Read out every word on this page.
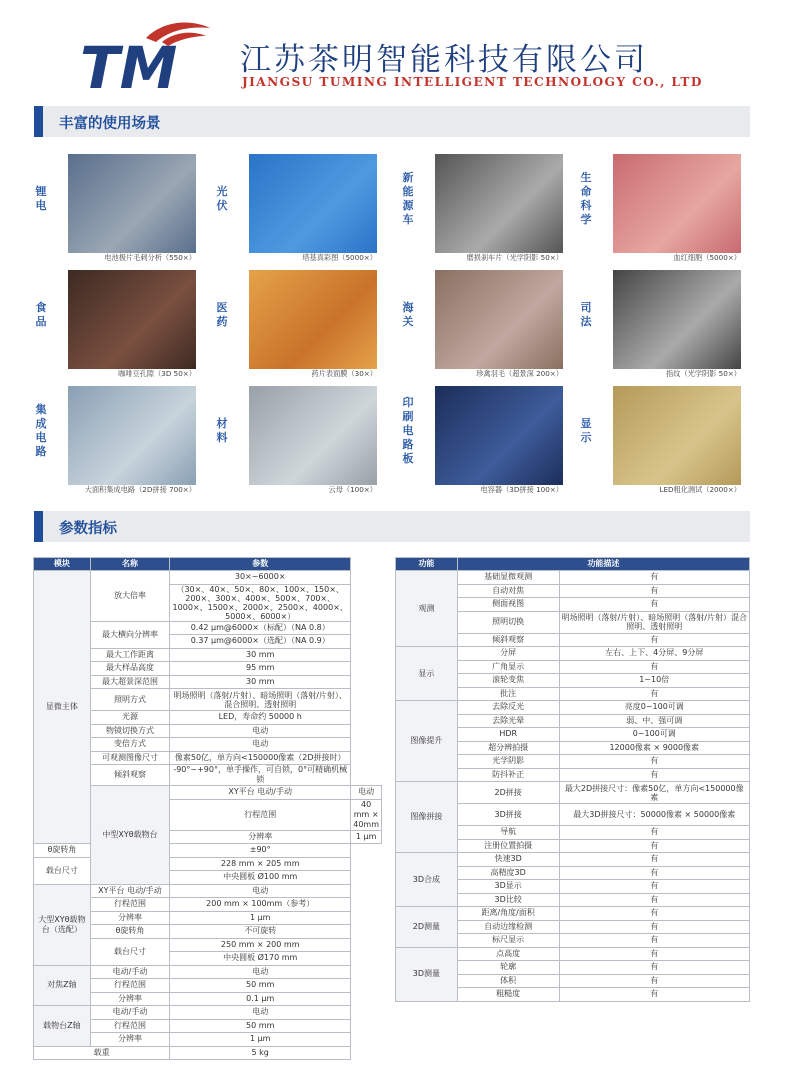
TM 江苏茶明智能科技有限公司
JIANGSU TUMING INTELLIGENT TECHNOLOGY CO., LTD
丰富的使用场景
锂电
电池极片毛刺分析（550×）
光伏
塔基真彩图（5000×）
新能源车
磨损刹车片（光学阴影 50×）
生命科学
血红细胞（5000×）
食品
咖啡豆孔隙（3D 50×）
医药
药片表面膜（30×）
海关
珍禽羽毛（超景深 200×）
司法
指纹（光学阴影 50×）
集成电路
大面积集成电路（2D拼接 700×）
材料
云母（100×）
印刷电路板
电容器（3D拼接 100×）
显示
LED粗化测试（2000×）
参数指标
模块	名称	参数	
显微主体	放大倍率	30×~6000×	
		（30×、40×、50×、80×、100×、150×、200×、300×、400×、500×、700×、1000×、1500×、2000×、2500×、4000×、5000×、6000×）	
	最大横向分辨率	0.42 μm@6000×（标配）（NA 0.8）	
		0.37 μm@6000×（选配）（NA 0.9）	
	最大工作距离	30 mm	
	最大样品高度	95 mm	
	最大超景深范围	30 mm	
	照明方式	明场照明（落射/片射）、暗场照明（落射/片射）、混合照明、透射照明	
	光源	LED，寿命约 50000 h	
	物镜切换方式	电动	
	变倍方式	电动	
	可观测图像尺寸	像素50亿，单方向<150000像素（2D拼接时）	
	倾斜观察	-90°~+90°，单手操作，可自锁，0°可精确机械锁	
	中型XYθ载物台	XY平台 电动/手动	电动
		行程范围	40 mm × 40mm
		分辨率	1 μm
θ旋转角		±90°	
载台尺寸		228 mm × 205 mm	
		中央圆板 Ø100 mm	
大型XYθ载物台（选配）	XY平台 电动/手动	电动	
	行程范围	200 mm × 100mm（参考）	
	分辨率	1 μm	
	θ旋转角	不可旋转	
	载台尺寸	250 mm × 200 mm	
		中央圆板 Ø170 mm	
对焦Z轴	电动/手动	电动	
	行程范围	50 mm	
	分辨率	0.1 μm	
载物台Z轴	电动/手动	电动	
	行程范围	50 mm	
	分辨率	1 μm	
载重		5 kg	
功能	功能描述	
观测	基础显微观测	有
	自动对焦	有
	侧面视图	有
	照明切换	明场照明（落射/片射）、暗场照明（落射/片射）混合照明、透射照明
	倾斜观察	有
显示	分屏	左右、上下、4分屏、9分屏
	广角显示	有
	滚轮变焦	1~10倍
	批注	有
图像提升	去除反光	亮度0~100可调
	去除光晕	弱、中、强可调
	HDR	0~100可调
	超分辨拍摄	12000像素 × 9000像素
	光学阴影	有
	防抖补正	有
图像拼接	2D拼接	最大2D拼接尺寸：像素50亿，单方向<150000像素
	3D拼接	最大3D拼接尺寸：50000像素 × 50000像素
	导航	有
	注册位置拍摄	有
3D合成	快速3D	有
	高精度3D	有
	3D显示	有
	3D比较	有
2D测量	距离/角度/面积	有
	自动边缘检测	有
	标尺显示	有
3D测量	点高度	有
	轮廓	有
	体积	有
	粗糙度	有
